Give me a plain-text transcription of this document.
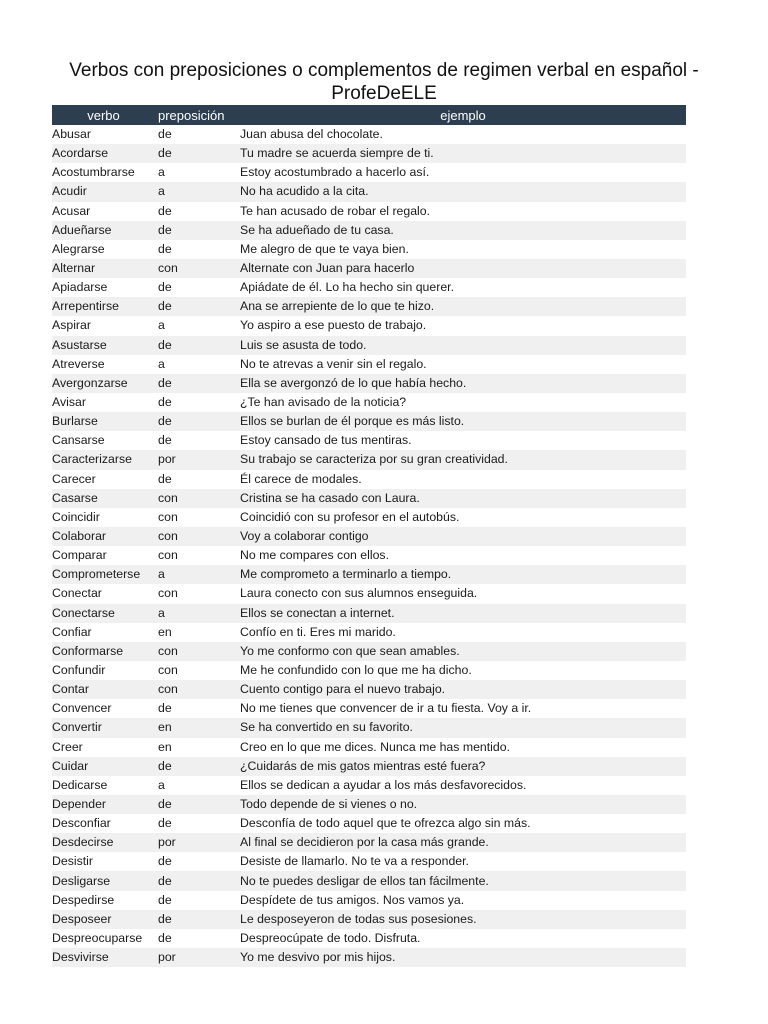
Verbos con preposiciones o complementos de regimen verbal en español - ProfeDeELE
verbo	preposición	ejemplo
Abusar	de	Juan abusa del chocolate.
Acordarse	de	Tu madre se acuerda siempre de ti.
Acostumbrarse	a	Estoy acostumbrado a hacerlo así.
Acudir	a	No ha acudido a la cita.
Acusar	de	Te han acusado de robar el regalo.
Adueñarse	de	Se ha adueñado de tu casa.
Alegrarse	de	Me alegro de que te vaya bien.
Alternar	con	Alternate con Juan para hacerlo
Apiadarse	de	Apiádate de él. Lo ha hecho sin querer.
Arrepentirse	de	Ana se arrepiente de lo que te hizo.
Aspirar	a	Yo aspiro a ese puesto de trabajo.
Asustarse	de	Luis se asusta de todo.
Atreverse	a	No te atrevas a venir sin el regalo.
Avergonzarse	de	Ella se avergonzó de lo que había hecho.
Avisar	de	¿Te han avisado de la noticia?
Burlarse	de	Ellos se burlan de él porque es más listo.
Cansarse	de	Estoy cansado de tus mentiras.
Caracterizarse	por	Su trabajo se caracteriza por su gran creatividad.
Carecer	de	Él carece de modales.
Casarse	con	Cristina se ha casado con Laura.
Coincidir	con	Coincidió con su profesor en el autobús.
Colaborar	con	Voy a colaborar contigo
Comparar	con	No me compares con ellos.
Comprometerse	a	Me comprometo a terminarlo a tiempo.
Conectar	con	Laura conecto con sus alumnos enseguida.
Conectarse	a	Ellos se conectan a internet.
Confiar	en	Confío en ti. Eres mi marido.
Conformarse	con	Yo me conformo con que sean amables.
Confundir	con	Me he confundido con lo que me ha dicho.
Contar	con	Cuento contigo para el nuevo trabajo.
Convencer	de	No me tienes que convencer de ir a tu fiesta. Voy a ir.
Convertir	en	Se ha convertido en su favorito.
Creer	en	Creo en lo que me dices. Nunca me has mentido.
Cuidar	de	¿Cuidarás de mis gatos mientras esté fuera?
Dedicarse	a	Ellos se dedican a ayudar a los más desfavorecidos.
Depender	de	Todo depende de si vienes o no.
Desconfiar	de	Desconfía de todo aquel que te ofrezca algo sin más.
Desdecirse	por	Al final se decidieron por la casa más grande.
Desistir	de	Desiste de llamarlo. No te va a responder.
Desligarse	de	No te puedes desligar de ellos tan fácilmente.
Despedirse	de	Despídete de tus amigos. Nos vamos ya.
Desposeer	de	Le desposeyeron de todas sus posesiones.
Despreocuparse	de	Despreocúpate de todo. Disfruta.
Desvivirse	por	Yo me desvivo por mis hijos.
